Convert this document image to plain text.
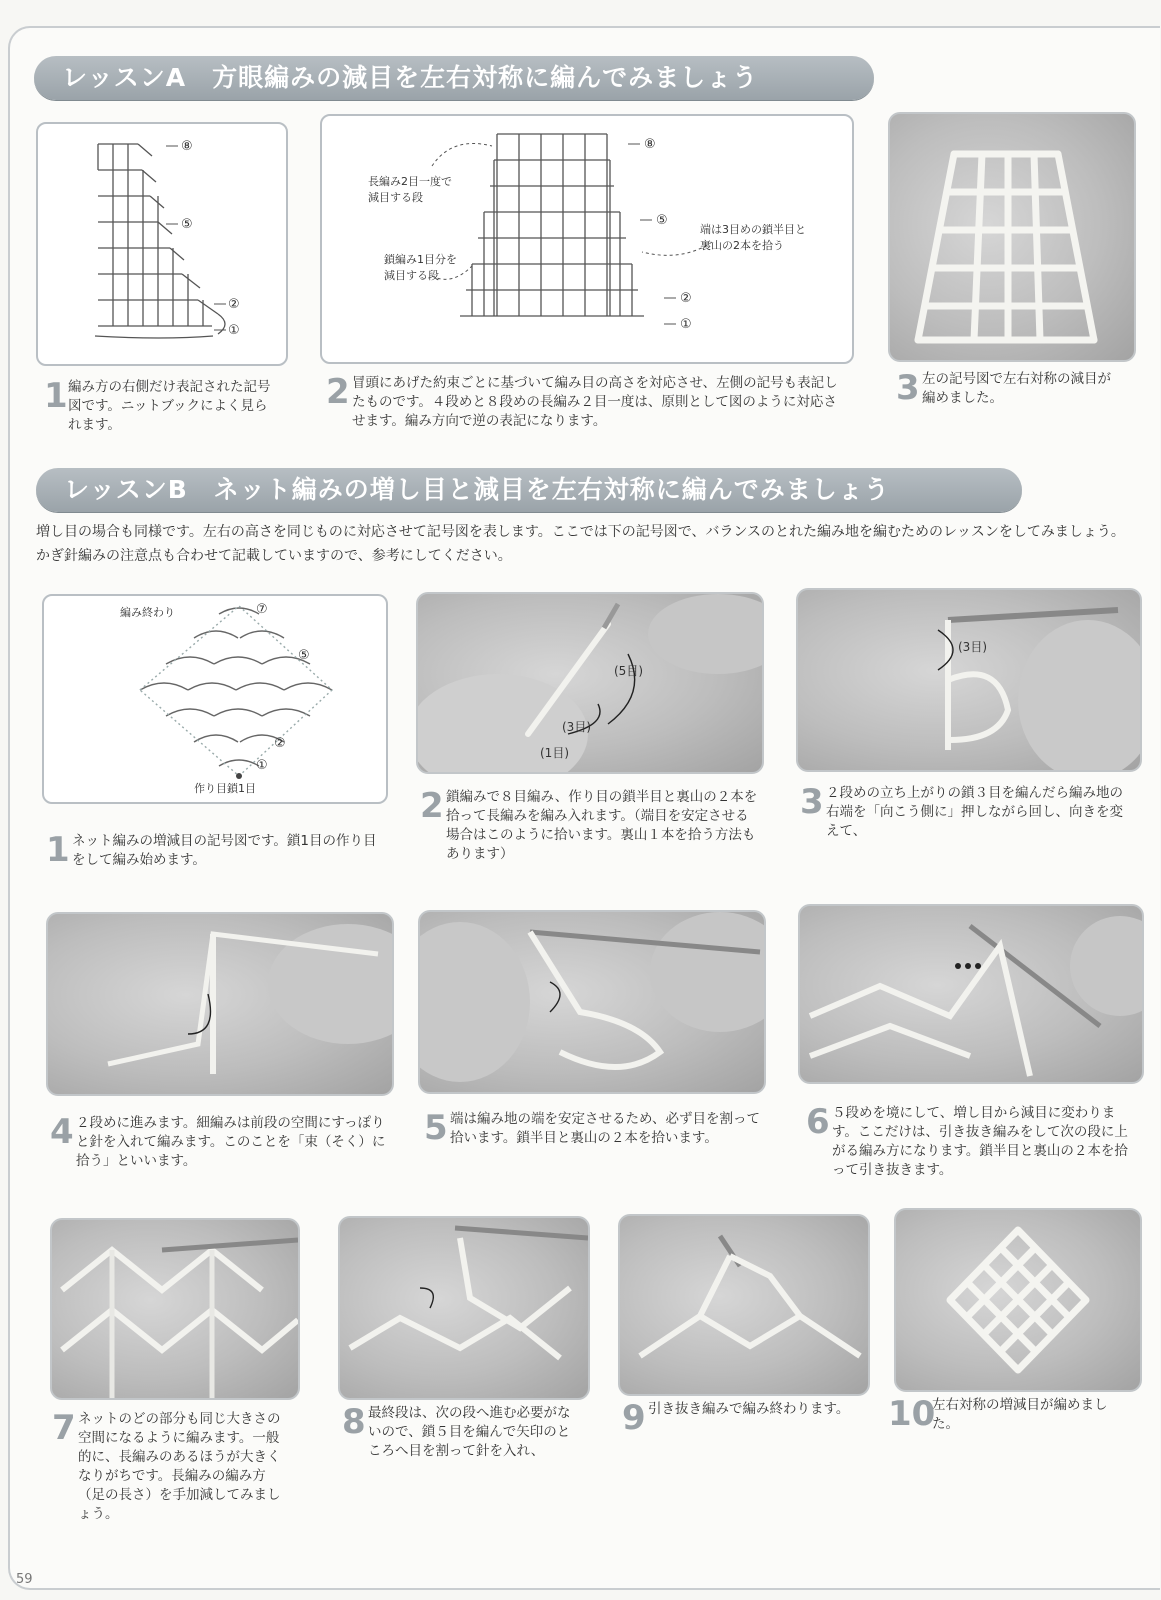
レッスンA　方眼編みの減目を左右対称に編んでみましょう
⑧
⑤
②
①
⑧
⑤
②
①
長編み2目一度で
減目する段
鎖編み1目分を
減目する段
端は3目めの鎖半目と
裏山の2本を拾う
1 編み方の右側だけ表記された記号図です。ニットブックによく見られます。
2 冒頭にあげた約束ごとに基づいて編み目の高さを対応させ、左側の記号も表記したものです。４段めと８段めの長編み２目一度は、原則として図のように対応させます。編み方向で逆の表記になります。
3 左の記号図で左右対称の減目が編めました。
レッスンB　ネット編みの増し目と減目を左右対称に編んでみましょう
増し目の場合も同様です。左右の高さを同じものに対応させて記号図を表します。ここでは下の記号図で、バランスのとれた編み地を編むためのレッスンをしてみましょう。かぎ針編みの注意点も合わせて記載していますので、参考にしてください。
編み終わり
作り目鎖1目
⑦
⑤
②
①
(5目)
(3目)
(1目)
(3目)
1 ネット編みの増減目の記号図です。鎖1目の作り目をして編み始めます。
2 鎖編みで８目編み、作り目の鎖半目と裏山の２本を拾って長編みを編み入れます。（端目を安定させる場合はこのように拾います。裏山１本を拾う方法もあります）
3 ２段めの立ち上がりの鎖３目を編んだら編み地の右端を「向こう側に」押しながら回し、向きを変えて、
4 ２段めに進みます。細編みは前段の空間にすっぽりと針を入れて編みます。このことを「束（そく）に拾う」といいます。
5 端は編み地の端を安定させるため、必ず目を割って拾います。鎖半目と裏山の２本を拾います。	6 ５段めを境にして、増し目から減目に変わります。ここだけは、引き抜き編みをして次の段に上がる編み方になります。鎖半目と裏山の２本を拾って引き抜きます。
7 ネットのどの部分も同じ大きさの空間になるように編みます。一般的に、長編みのあるほうが大きくなりがちです。長編みの編み方（足の長さ）を手加減してみましょう。
8 最終段は、次の段へ進む必要がないので、鎖５目を編んで矢印のところへ目を割って針を入れ、
9 引き抜き編みで編み終わります。	10
左右対称の増減目が編めました。
59
